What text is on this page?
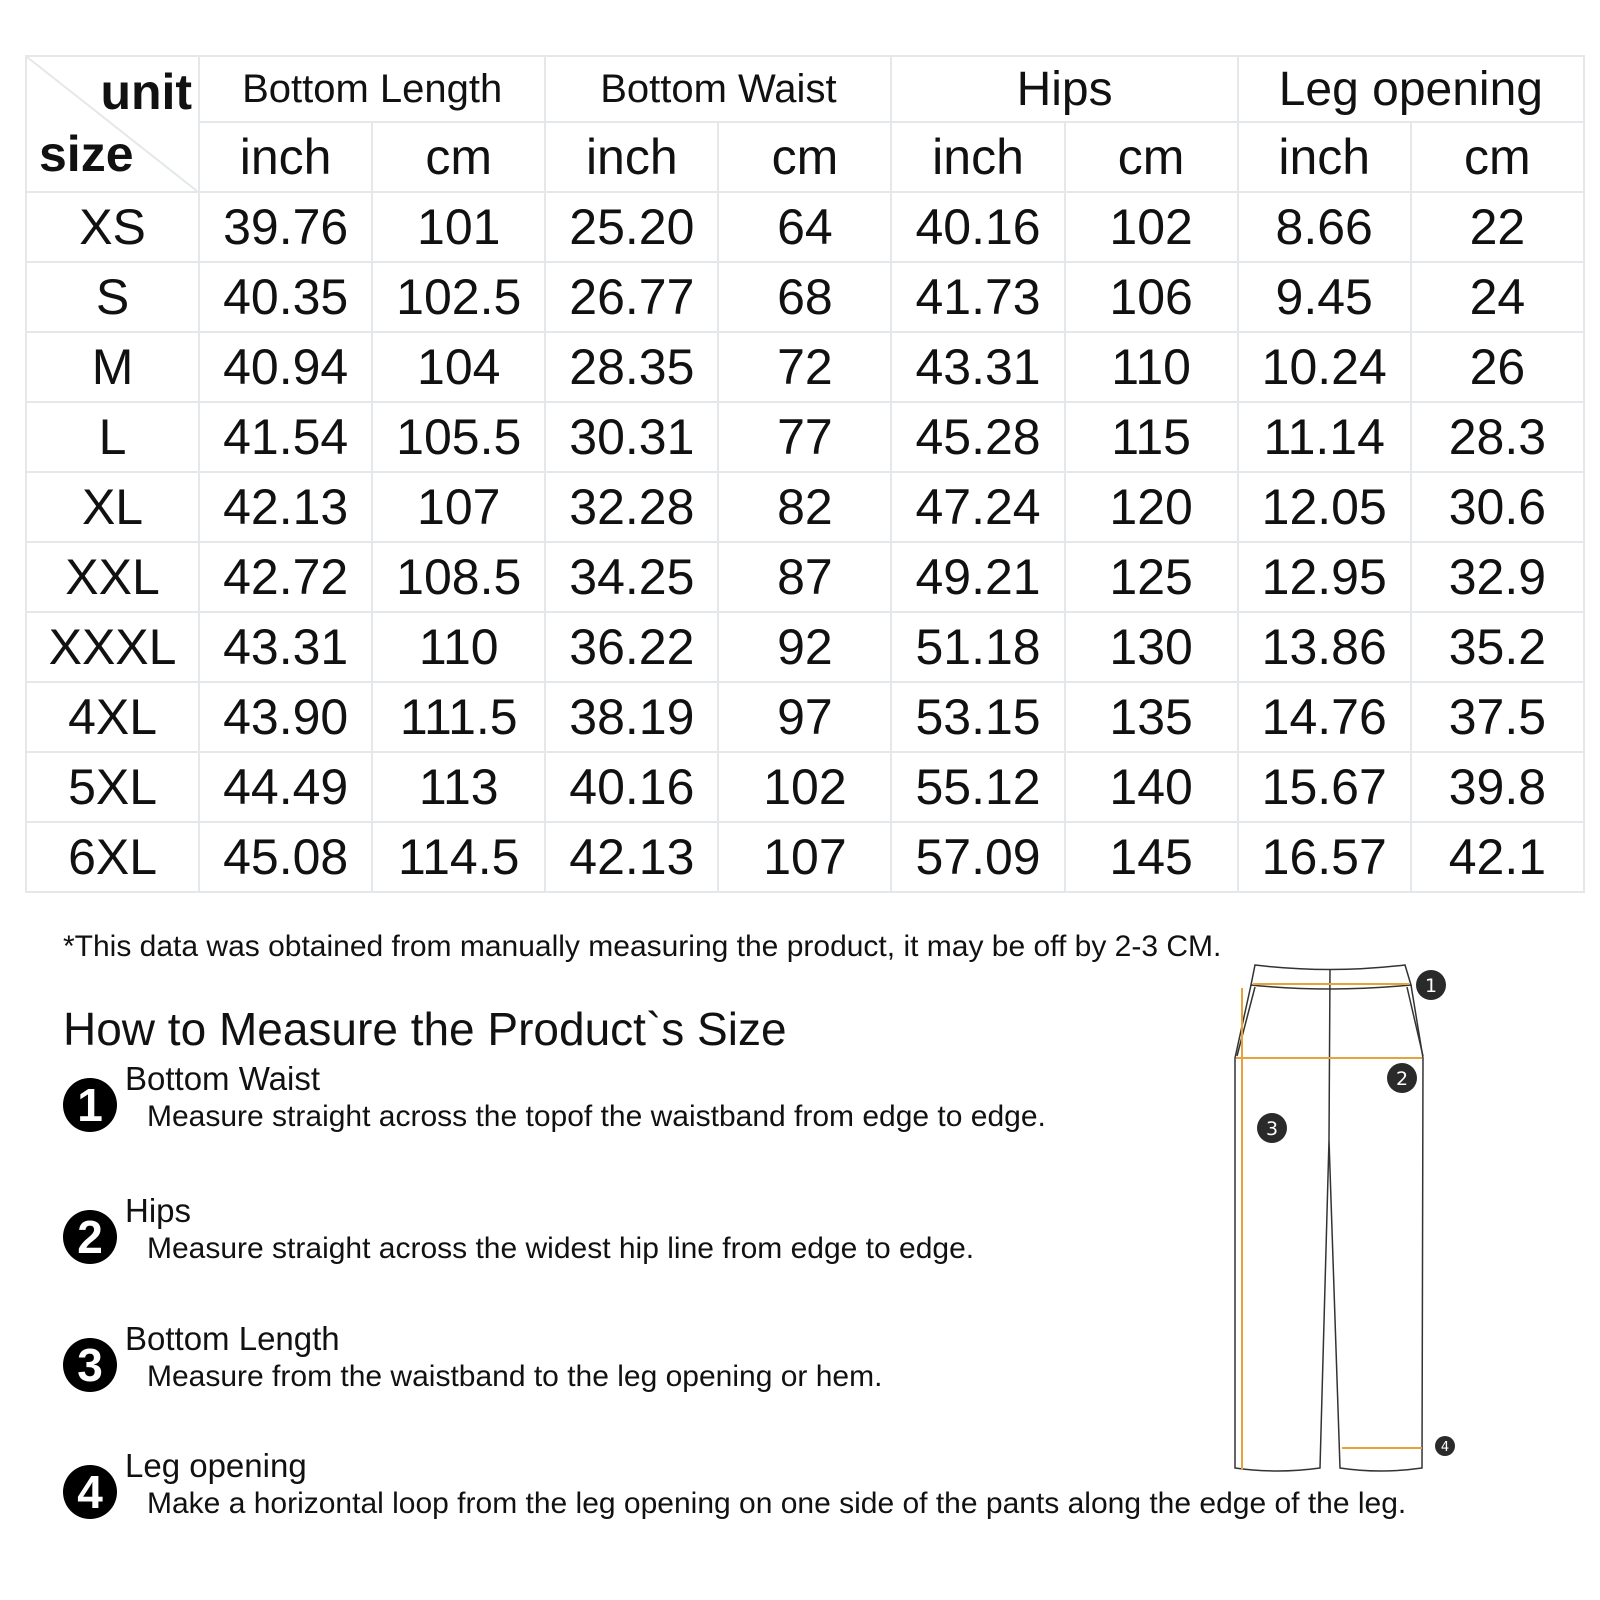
unit
size	Bottom Length		Bottom Waist		Hips		Leg opening	
	inch	cm	inch	cm	inch	cm	inch	cm
XS	39.76	101	25.20	64	40.16	102	8.66	22
S	40.35	102.5	26.77	68	41.73	106	9.45	24
M	40.94	104	28.35	72	43.31	110	10.24	26
L	41.54	105.5	30.31	77	45.28	115	11.14	28.3
XL	42.13	107	32.28	82	47.24	120	12.05	30.6
XXL	42.72	108.5	34.25	87	49.21	125	12.95	32.9
XXXL	43.31	110	36.22	92	51.18	130	13.86	35.2
4XL	43.90	111.5	38.19	97	53.15	135	14.76	37.5
5XL	44.49	113	40.16	102	55.12	140	15.67	39.8
6XL	45.08	114.5	42.13	107	57.09	145	16.57	42.1
*This data was obtained from manually measuring the product, it may be off by 2-3 CM.
How to Measure the Product`s Size
1
Bottom Waist
Measure straight across the topof the waistband from edge to edge.
2
Hips
Measure straight across the widest hip line from edge to edge.
3
Bottom Length
Measure from the waistband to the leg opening or hem.
4
Leg opening
Make a horizontal loop from the leg opening on one side of the pants along the edge of the leg.
1
2
3
4
